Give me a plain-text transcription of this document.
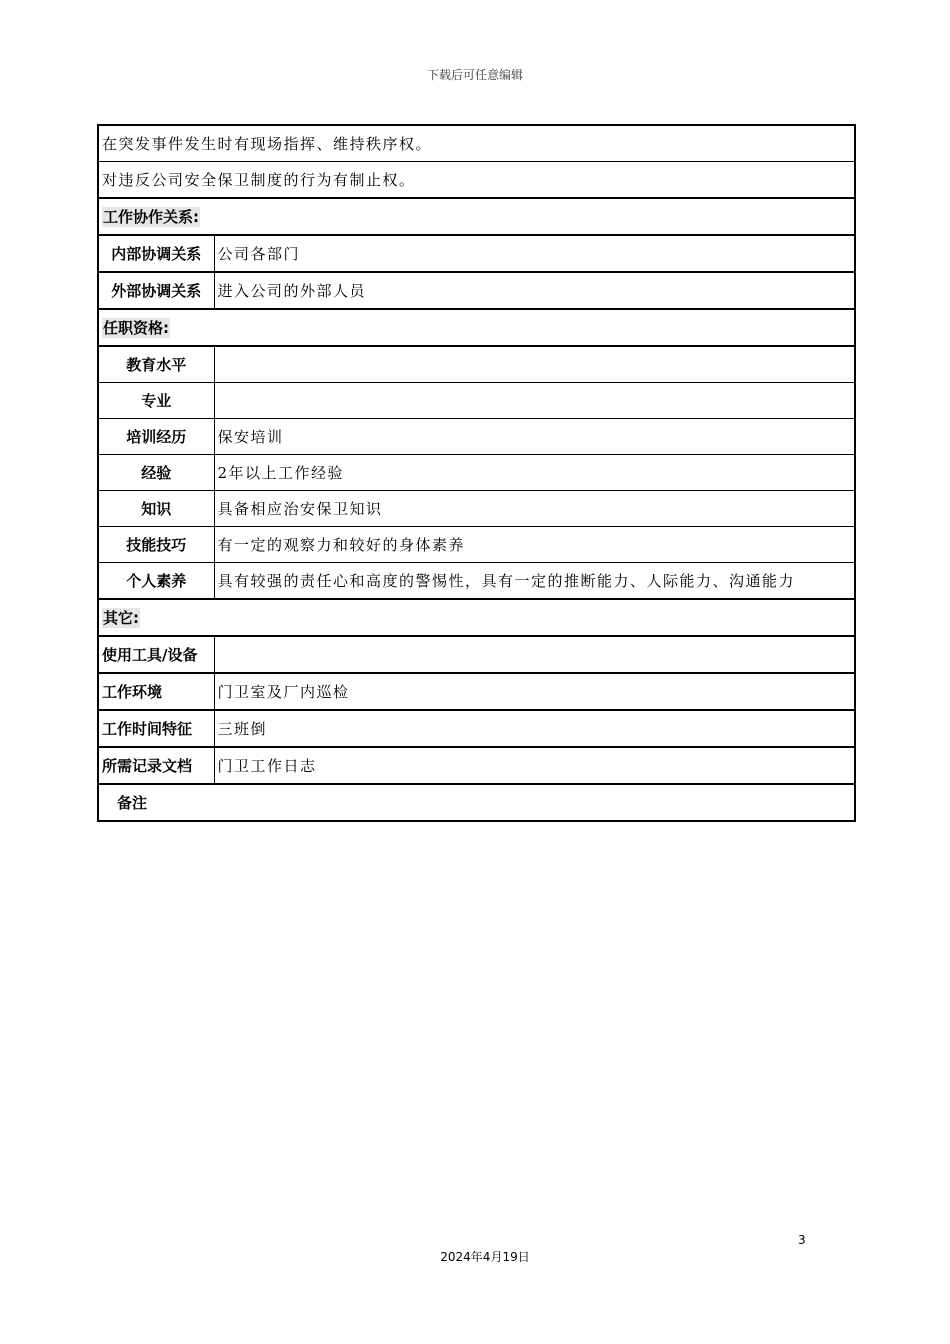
下载后可任意编辑
在突发事件发生时有现场指挥、维持秩序权。	
对违反公司安全保卫制度的行为有制止权。	
工作协作关系:	
内部协调关系	公司各部门
外部协调关系	进入公司的外部人员
任职资格:	
教育水平	
专业	
培训经历	保安培训
经验	2年以上工作经验
知识	具备相应治安保卫知识
技能技巧	有一定的观察力和较好的身体素养
个人素养	具有较强的责任心和高度的警惕性，具有一定的推断能力、人际能力、沟通能力
其它:	
使用工具/设备	
工作环境	门卫室及厂内巡检
工作时间特征	三班倒
所需记录文档	门卫工作日志
备注	
3
2024年4月19日
